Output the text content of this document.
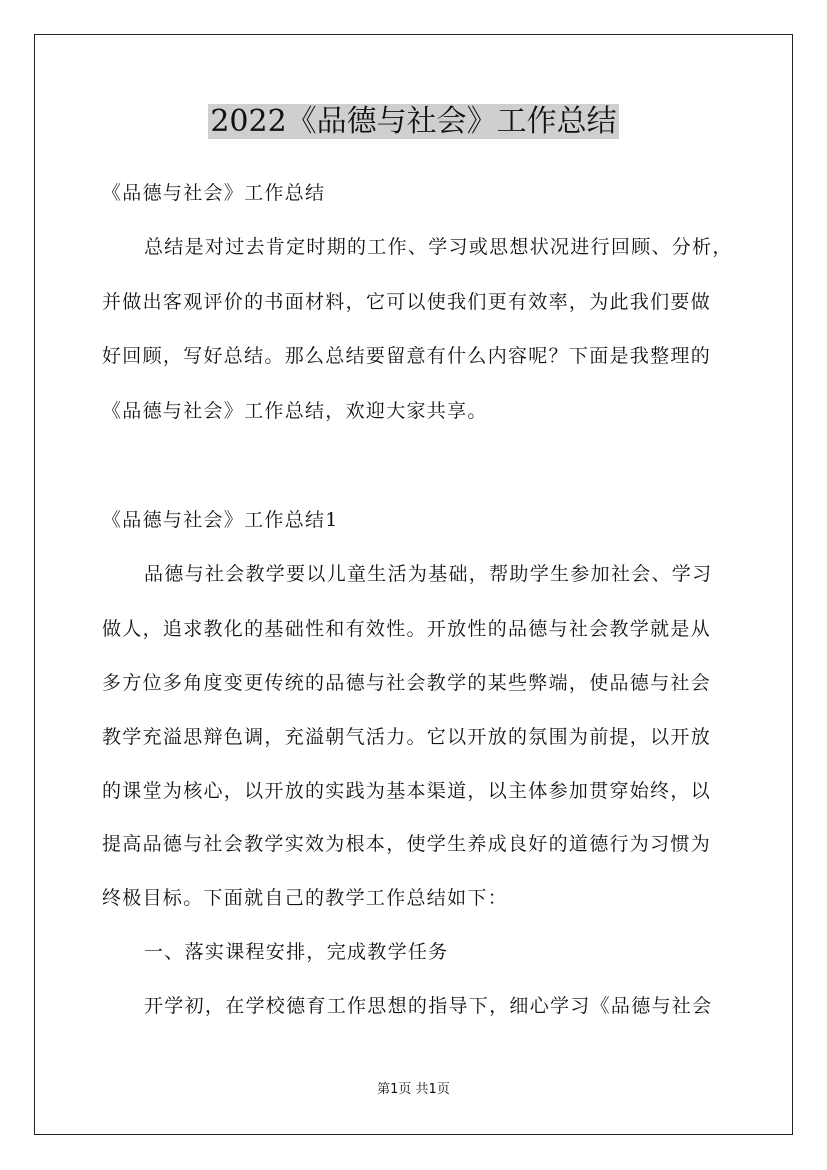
2022《品德与社会》工作总结
《品德与社会》工作总结
总结是对过去肯定时期的工作、学习或思想状况进行回顾、分析，
并做出客观评价的书面材料，它可以使我们更有效率，为此我们要做
好回顾，写好总结。那么总结要留意有什么内容呢？下面是我整理的
《品德与社会》工作总结，欢迎大家共享。
《品德与社会》工作总结1
品德与社会教学要以儿童生活为基础，帮助学生参加社会、学习
做人，追求教化的基础性和有效性。开放性的品德与社会教学就是从
多方位多角度变更传统的品德与社会教学的某些弊端，使品德与社会
教学充溢思辩色调，充溢朝气活力。它以开放的氛围为前提，以开放
的课堂为核心，以开放的实践为基本渠道，以主体参加贯穿始终，以
提高品德与社会教学实效为根本，使学生养成良好的道德行为习惯为
终极目标。下面就自己的教学工作总结如下：
一、落实课程安排，完成教学任务
开学初，在学校德育工作思想的指导下，细心学习《品德与社会
第1页 共1页
